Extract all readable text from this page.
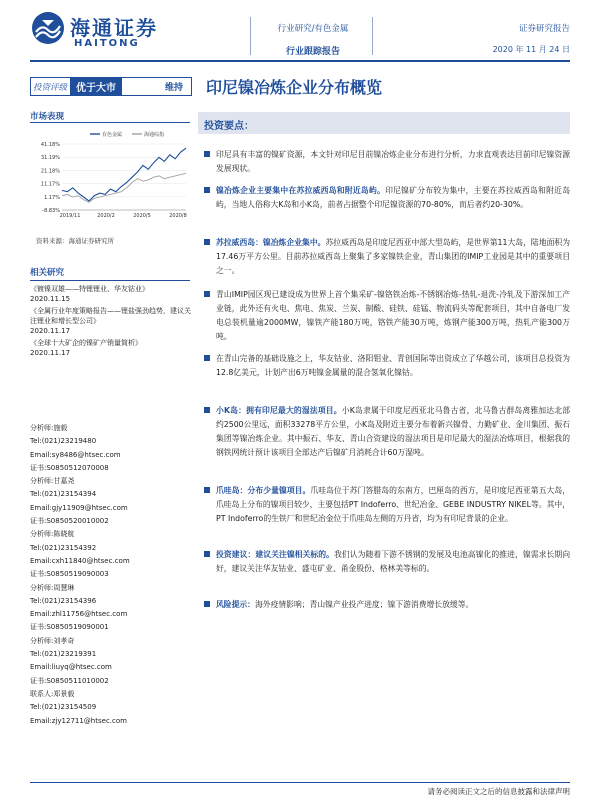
海通证券
HAITONG
行业研究/有色金属
行业跟踪报告
证券研究报告
2020 年 11 月 24 日
投资评级 优于大市	维持	印尼镍冶炼企业分布概览
市场表现
41.18%
31.19%
21.18%
11.17%
1.17%
-8.83%
2019/11	2020/2	2020/5	2020/8
有色金属	海通综指
资料来源：海通证券研究所
相关研究
《镀镍双雄——特锂锂业、华友钴业》
2020.11.15
《全属行业年度策略报告——锂盐强劲趋势，建议关注锂业和增长型公司》
2020.11.17
《全球十大矿企的镍矿产销量简析》
2020.11.17
分析师:施毅
Tel:(021)23219480
Email:sy8486@htsec.com
证书:S0850512070008
分析师:甘嘉尧
Tel:(021)23154394
Email:gjy11909@htsec.com
证书:S0850520010002
分析师:陈晓航
Tel:(021)23154392
Email:cxh11840@htsec.com
证书:S0850519090003
分析师:周慧琳
Tel:(021)23154396
Email:zhl11756@htsec.com
证书:S0850519090001
分析师:刘孝奇
Tel:(021)23219391
Email:liuyq@htsec.com
证书:S0850511010002
联系人:郑景毅
Tel:(021)23154509
Email:zjy12711@htsec.com
投资要点：
印尼具有丰富的镍矿资源，本文针对印尼目前镍冶炼企业分布进行分析，力求直观表达目前印尼镍资源发展现状。
镍冶炼企业主要集中在苏拉威西岛和附近岛屿。印尼镍矿分布较为集中，主要在苏拉威西岛和附近岛屿，当地人俗称大K岛和小K岛，前者占据整个印尼镍资源的70-80%，而后者约20-30%。
苏拉威西岛：镍冶炼企业集中。苏拉威西岛是印度尼西亚中部大型岛屿，是世界第11大岛，陆地面积为17.46万平方公里。目前苏拉威西岛上聚集了多家镍铁企业，青山集团的IMIP工业园是其中的重要项目之一。
青山IMIP园区现已建设成为世界上首个集采矿-镍铬铁冶炼-不锈钢冶炼-热轧-退洗-冷轧及下游深加工产业链，此外还有火电、焦电、焦炭、兰炭、制酸、硅铁、硅锰、物流码头等配套项目，其中自备电厂发电总装机量逾2000MW，镍铁产能180万吨，铬铁产能30万吨，炼钢产能300万吨，热轧产能300万吨。
在青山完备的基础设施之上，华友钴业、洛阳钼业、青创国际等出资成立了华越公司，该项目总投资为12.8亿美元，计划产出6万吨镍金属量的混合氢氧化镍钴。
小K岛：拥有印尼最大的湿法项目。小K岛隶属于印度尼西亚北马鲁古省，北马鲁古群岛离雅加达北部约2500公里远，面积33278平方公里，小K岛及附近主要分布着新兴镍骨、力勤矿业、金川集团、振石集团等镍冶炼企业。其中振石、华友、青山合资建设的湿法项目是印尼最大的湿法冶炼项目，根据我的钢铁网统计预计该项目全部达产后镍矿月消耗合计60万湿吨。
爪哇岛：分布少量镍项目。爪哇岛位于苏门答腊岛的东南方，巴厘岛的西方，是印度尼西亚第五大岛，爪哇岛上分布的镍项目较少，主要包括PT Indoferro、世纪冶金、GEBE INDUSTRY NIKEL等。其中，PT Indoferro的生铁厂和世纪冶金位于爪哇岛左侧的万丹省，均为有印尼背景的企业。
投资建议：建议关注镍相关标的。我们认为随着下游不锈钢的发展及电池高镍化的推进，镍需求长期向好，建议关注华友钴业、盛屯矿业、甬金股份、格林美等标的。
风险提示：海外疫情影响；青山镍产业投产进度；镍下游消费增长放缓等。
请务必阅读正文之后的信息披露和法律声明
